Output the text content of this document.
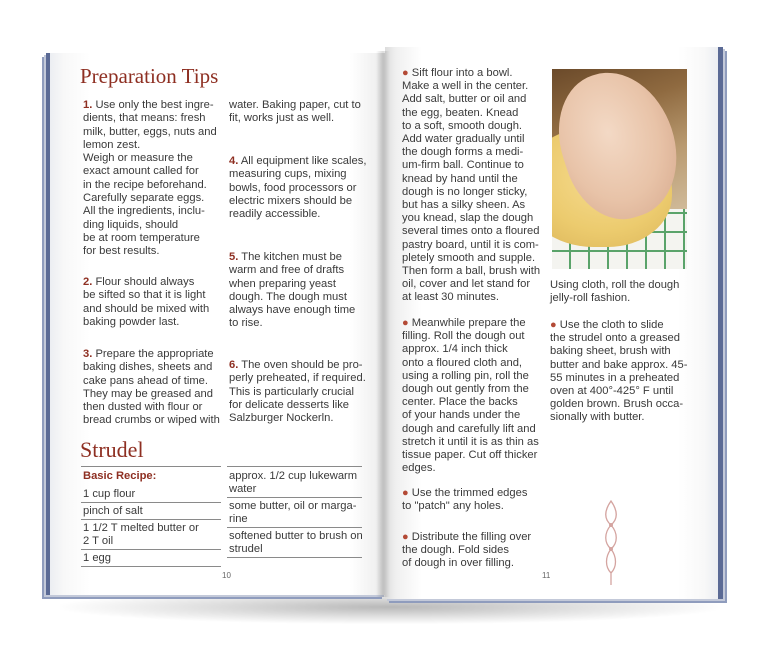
Preparation Tips
1. Use only the best ingre-
dients, that means: fresh
milk, butter, eggs, nuts and
lemon zest.
Weigh or measure the
exact amount called for
in the recipe beforehand.
Carefully separate eggs.
All the ingredients, inclu-
ding liquids, should
be at room temperature
for best results.
2. Flour should always
be sifted so that it is light
and should be mixed with
baking powder last.
3. Prepare the appropriate
baking dishes, sheets and
cake pans ahead of time.
They may be greased and
then dusted with flour or
bread crumbs or wiped with
water. Baking paper, cut to
fit, works just as well.
4. All equipment like scales,
measuring cups, mixing
bowls, food processors or
electric mixers should be
readily accessible.
5. The kitchen must be
warm and free of drafts
when preparing yeast
dough. The dough must
always have enough time
to rise.
6. The oven should be pro-
perly preheated, if required.
This is particularly crucial
for delicate desserts like
Salzburger Nockerln.
Strudel
Basic Recipe:
1 cup flour
pinch of salt
1 1/2 T melted butter or
2 T oil
1 egg
approx. 1/2 cup lukewarm
water
some butter, oil or marga-
rine
softened butter to brush on
strudel
10
● Sift flour into a bowl.
Make a well in the center.
Add salt, butter or oil and
the egg, beaten. Knead
to a soft, smooth dough.
Add water gradually until
the dough forms a medi-
um-firm ball. Continue to
knead by hand until the
dough is no longer sticky,
but has a silky sheen. As
you knead, slap the dough
several times onto a floured
pastry board, until it is com-
pletely smooth and supple.
Then form a ball, brush with
oil, cover and let stand for
at least 30 minutes.
● Meanwhile prepare the
filling. Roll the dough out
approx. 1/4 inch thick
onto a floured cloth and,
using a rolling pin, roll the
dough out gently from the
center. Place the backs
of your hands under the
dough and carefully lift and
stretch it until it is as thin as
tissue paper. Cut off thicker
edges.
● Use the trimmed edges
to "patch" any holes.
● Distribute the filling over
the dough. Fold sides
of dough in over filling.
Using cloth, roll the dough
jelly-roll fashion.
● Use the cloth to slide
the strudel onto a greased
baking sheet, brush with
butter and bake approx. 45-
55 minutes in a preheated
oven at 400°-425° F until
golden brown. Brush occa-
sionally with butter.
11
